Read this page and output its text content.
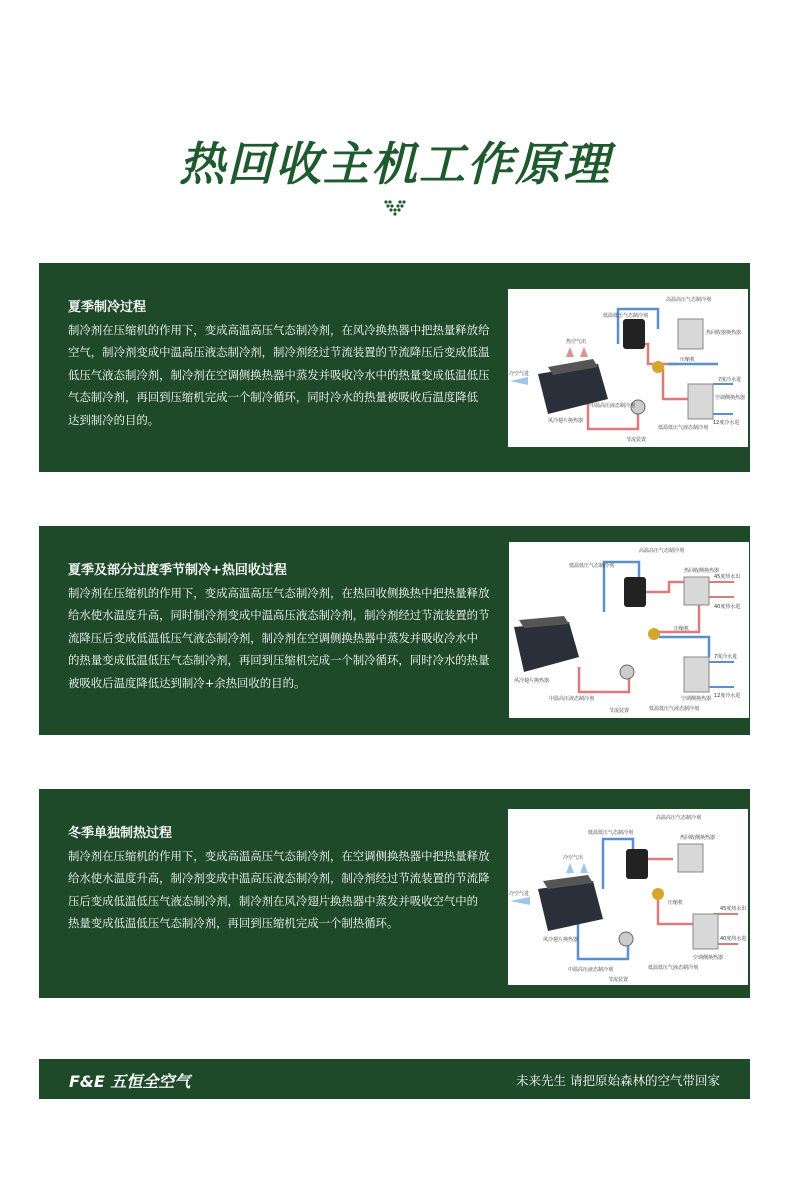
热回收主机工作原理
夏季制冷过程
制冷剂在压缩机的作用下，变成高温高压气态制冷剂，在风冷换热器中把热量释放给
空气，制冷剂变成中温高压液态制冷剂，制冷剂经过节流装置的节流降压后变成低温
低压气液态制冷剂，制冷剂在空调侧换热器中蒸发并吸收冷水中的热量变成低温低压
气态制冷剂，再回到压缩机完成一个制冷循环，同时冷水的热量被吸收后温度降低
达到制冷的目的。
高温高压气态制冷剂
低温低压气态制冷剂
热空气出
热回收器换热器
压缩机
冷空气进
风冷翅片换热器
中温高压液态制冷剂
节流装置
低温低压气液态制冷剂
空调侧换热器
7度冷水进
12度冷水进
夏季及部分过度季节制冷+热回收过程
制冷剂在压缩机的作用下，变成高温高压气态制冷剂，在热回收侧换热中把热量释放
给水使水温度升高，同时制冷剂变成中温高压液态制冷剂，制冷剂经过节流装置的节
流降压后变成低温低压气液态制冷剂，制冷剂在空调侧换热器中蒸发并吸收冷水中
的热量变成低温低压气态制冷剂，再回到压缩机完成一个制冷循环，同时冷水的热量
被吸收后温度降低达到制冷+余热回收的目的。
高温高压气态制冷剂
低温低压气态制冷剂
热回收侧换热器
45度热水出
40度热水进
压缩机
7度冷水进
空调侧换热器 12度冷水进
风冷翅片换热器
中温高压液态制冷剂
节流装置	低温低压气液态制冷剂
冬季单独制热过程
制冷剂在压缩机的作用下，变成高温高压气态制冷剂，在空调侧换热器中把热量释放
给水使水温度升高，制冷剂变成中温高压液态制冷剂，制冷剂经过节流装置的节流降
压后变成低温低压气液态制冷剂，制冷剂在风冷翅片换热器中蒸发并吸收空气中的
热量变成低温低压气态制冷剂，再回到压缩机完成一个制热循环。
高温高压气态制冷剂
低温低压气态制冷剂
冷空气出
热回收侧换热器
压缩机
冷空气进
风冷翅片换热器
中温高压液态制冷剂
节流装置
低温低压气液态制冷剂
空调侧换热器
45度热水出
40度热水进
F&E 五恒全空气	未来先生 请把原始森林的空气带回家
